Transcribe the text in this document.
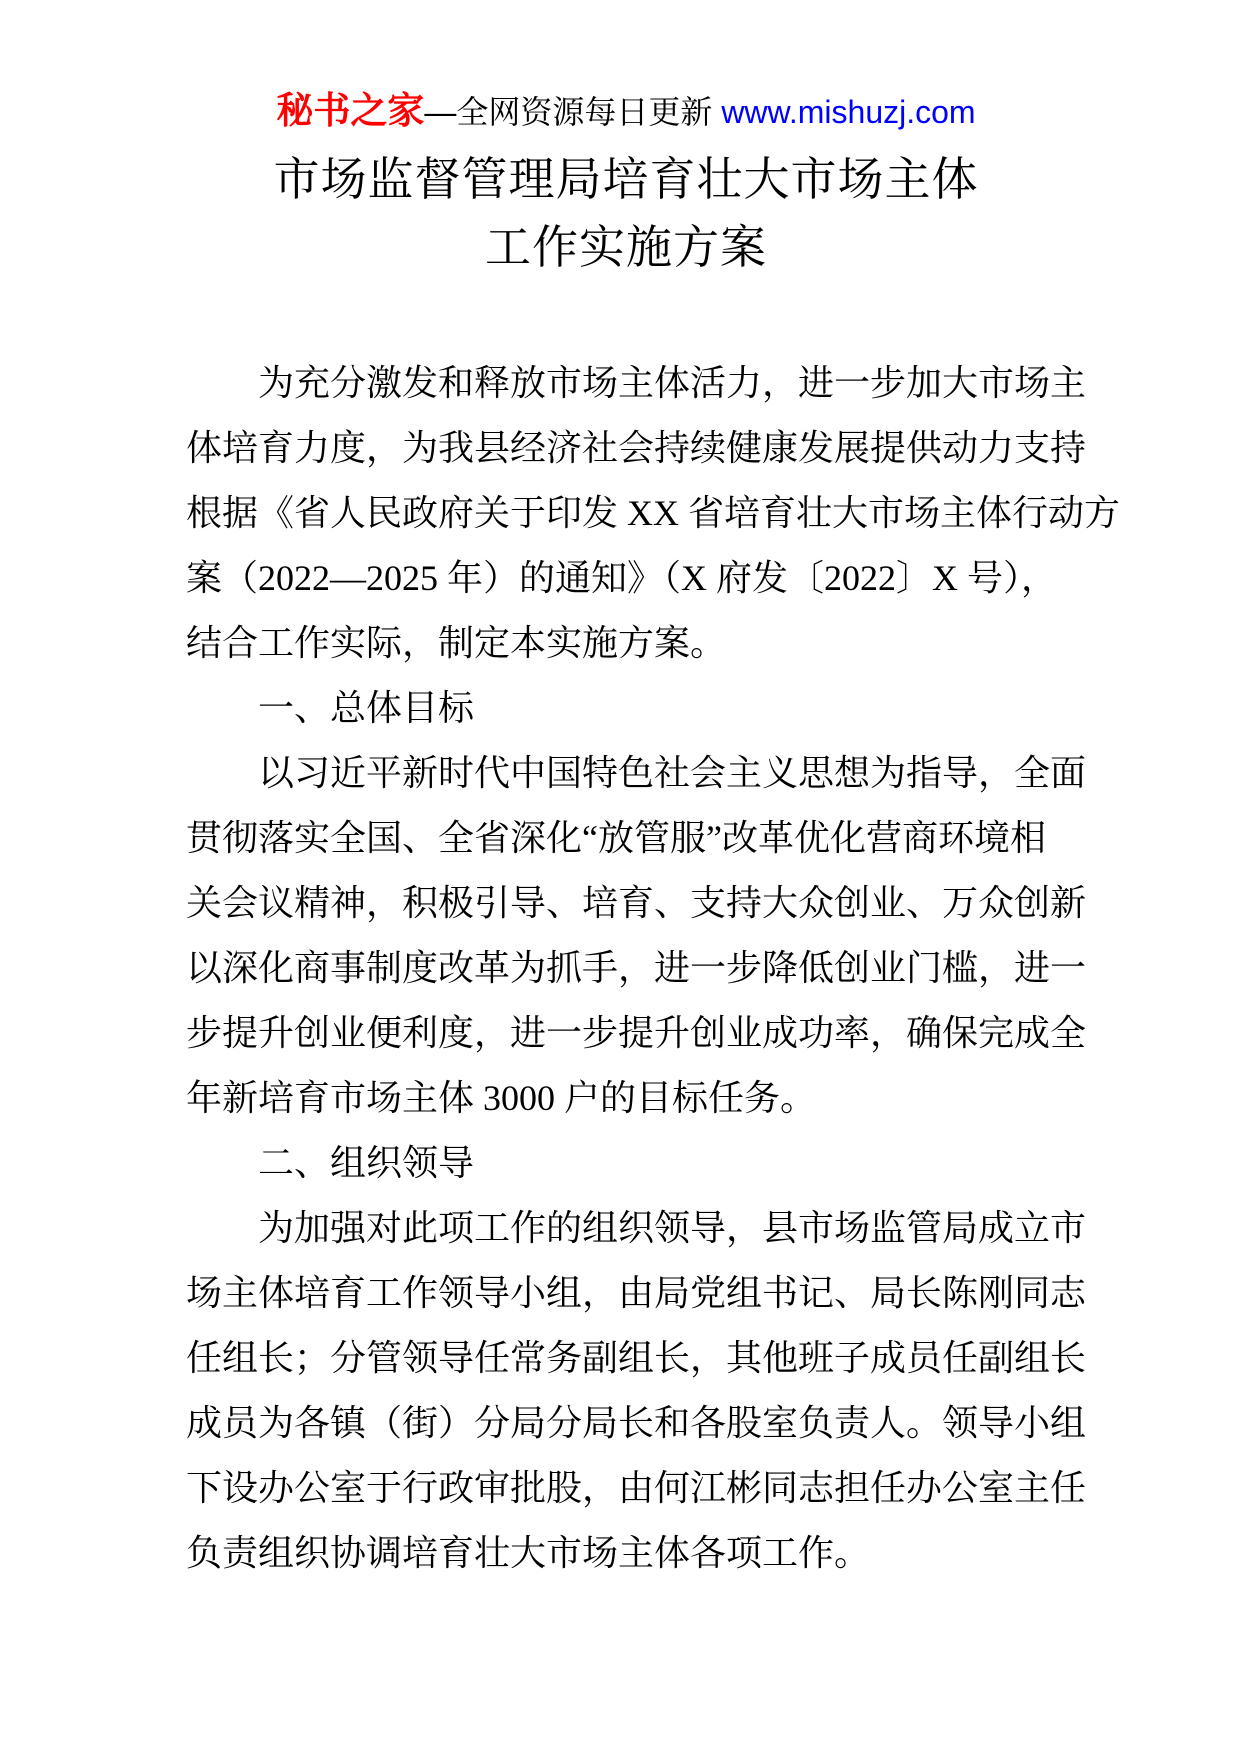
秘书之家—全网资源每日更新 www.mishuzj.com
市场监督管理局培育壮大市场主体
工作实施方案
为充分激发和释放市场主体活力，进一步加大市场主
体培育力度，为我县经济社会持续健康发展提供动力支持
根据《省人民政府关于印发 XX 省培育壮大市场主体行动方
案（2022—2025 年）的通知》（X 府发〔2022〕X 号），
结合工作实际，制定本实施方案。
一、总体目标
以习近平新时代中国特色社会主义思想为指导，全面
贯彻落实全国、全省深化“放管服”改革优化营商环境相
关会议精神，积极引导、培育、支持大众创业、万众创新
以深化商事制度改革为抓手，进一步降低创业门槛，进一
步提升创业便利度，进一步提升创业成功率，确保完成全
年新培育市场主体 3000 户的目标任务。
二、组织领导
为加强对此项工作的组织领导，县市场监管局成立市
场主体培育工作领导小组，由局党组书记、局长陈刚同志
任组长；分管领导任常务副组长，其他班子成员任副组长
成员为各镇（街）分局分局长和各股室负责人。领导小组
下设办公室于行政审批股，由何江彬同志担任办公室主任
负责组织协调培育壮大市场主体各项工作。
